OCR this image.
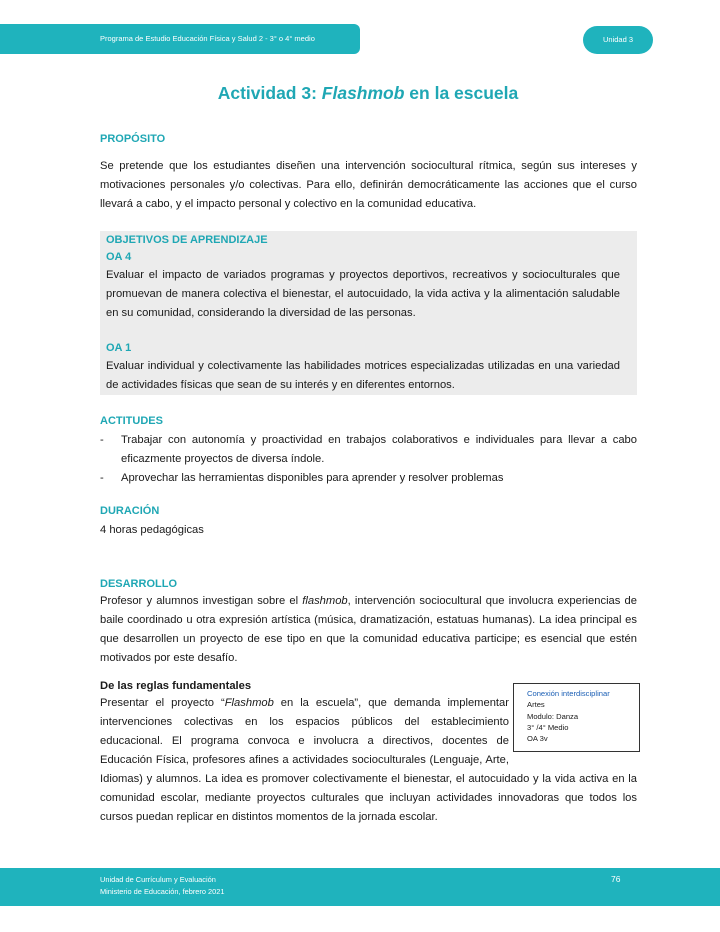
Programa de Estudio Educación Física y Salud 2 - 3° o 4° medio	Unidad 3
Actividad 3: Flashmob en la escuela
PROPÓSITO
Se pretende que los estudiantes diseñen una intervención sociocultural rítmica, según sus intereses y motivaciones personales y/o colectivas. Para ello, definirán democráticamente las acciones que el curso llevará a cabo, y el impacto personal y colectivo en la comunidad educativa.
OBJETIVOS DE APRENDIZAJE
OA 4
Evaluar el impacto de variados programas y proyectos deportivos, recreativos y socioculturales que promuevan de manera colectiva el bienestar, el autocuidado, la vida activa y la alimentación saludable en su comunidad, considerando la diversidad de las personas.
OA 1
Evaluar individual y colectivamente las habilidades motrices especializadas utilizadas en una variedad de actividades físicas que sean de su interés y en diferentes entornos.
ACTITUDES
- Trabajar con autonomía y proactividad en trabajos colaborativos e individuales para llevar a cabo eficazmente proyectos de diversa índole.
- Aprovechar las herramientas disponibles para aprender y resolver problemas
DURACIÓN
4 horas pedagógicas
DESARROLLO
Profesor y alumnos investigan sobre el flashmob, intervención sociocultural que involucra experiencias de baile coordinado u otra expresión artística (música, dramatización, estatuas humanas). La idea principal es que desarrollen un proyecto de ese tipo en que la comunidad educativa participe; es esencial que estén motivados por este desafío.
De las reglas fundamentales
Presentar el proyecto “Flashmob en la escuela”, que demanda implementar intervenciones colectivas en los espacios públicos del establecimiento educacional. El programa convoca e involucra a directivos, docentes de Educación Física, profesores afines a actividades socioculturales (Lenguaje, Arte, Idiomas) y alumnos. La idea es promover colectivamente el bienestar, el autocuidado y la vida activa en la comunidad escolar, mediante proyectos culturales que incluyan actividades innovadoras que todos los cursos puedan replicar en distintos momentos de la jornada escolar.
Conexión interdisciplinar
Artes
Modulo: Danza
3° /4° Medio
OA 3v
Unidad de Currículum y Evaluación
Ministerio de Educación, febrero 2021
76
